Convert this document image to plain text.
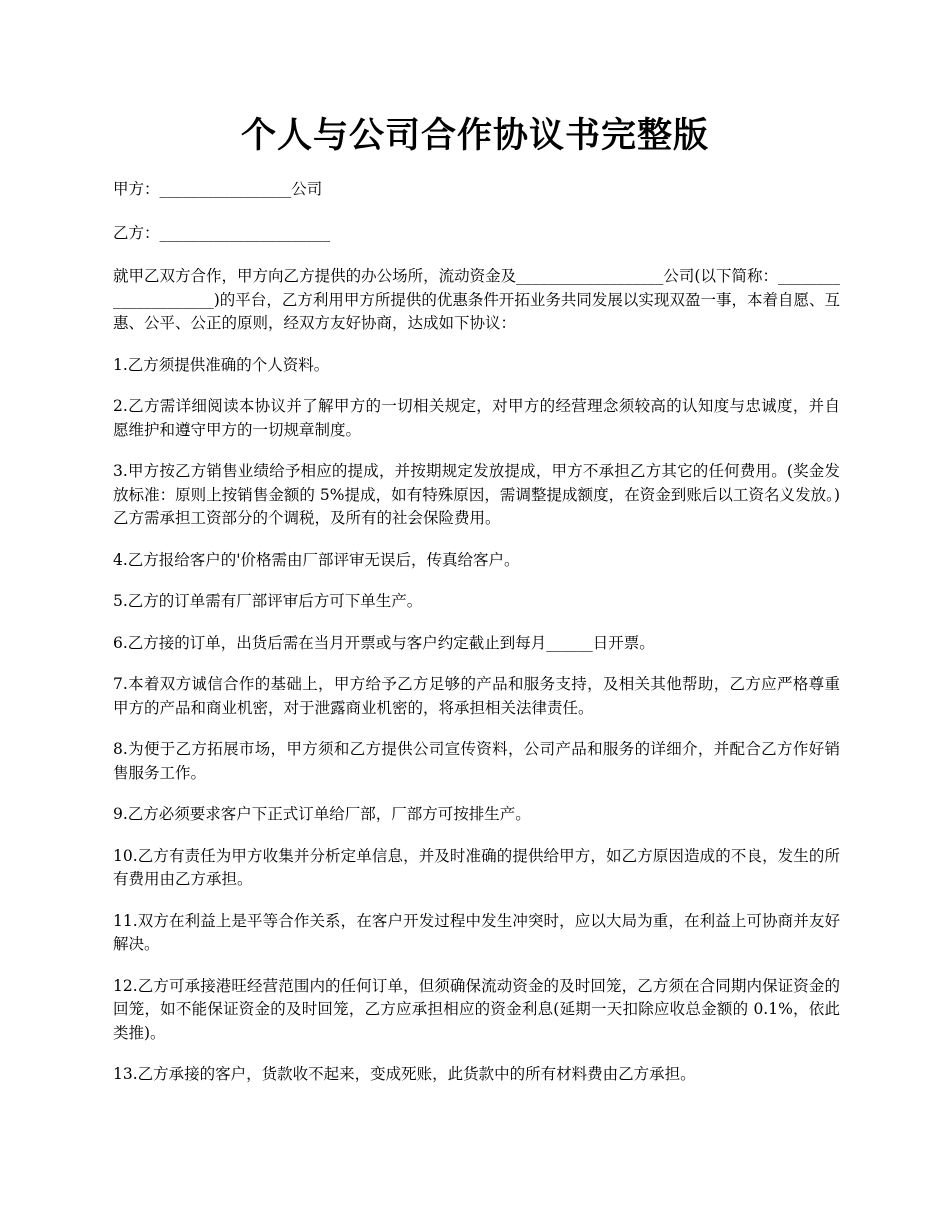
个人与公司合作协议书完整版

甲方：_________________公司

乙方：______________________

就甲乙双方合作，甲方向乙方提供的办公场所，流动资金及___________________公司(以下简称：_____________________)的平台，乙方利用甲方所提供的优惠条件开拓业务共同发展以实现双盈一事，本着自愿、互惠、公平、公正的原则，经双方友好协商，达成如下协议：

1.乙方须提供准确的个人资料。

2.乙方需详细阅读本协议并了解甲方的一切相关规定，对甲方的经营理念须较高的认知度与忠诚度，并自愿维护和遵守甲方的一切规章制度。

3.甲方按乙方销售业绩给予相应的提成，并按期规定发放提成，甲方不承担乙方其它的任何费用。(奖金发放标准：原则上按销售金额的 5%提成，如有特殊原因，需调整提成额度，在资金到账后以工资名义发放。)乙方需承担工资部分的个调税，及所有的社会保险费用。

4.乙方报给客户的'价格需由厂部评审无误后，传真给客户。

5.乙方的订单需有厂部评审后方可下单生产。

6.乙方接的订单，出货后需在当月开票或与客户约定截止到每月______日开票。

7.本着双方诚信合作的基础上，甲方给予乙方足够的产品和服务支持，及相关其他帮助，乙方应严格尊重甲方的产品和商业机密，对于泄露商业机密的，将承担相关法律责任。

8.为便于乙方拓展市场，甲方须和乙方提供公司宣传资料，公司产品和服务的详细介，并配合乙方作好销售服务工作。

9.乙方必须要求客户下正式订单给厂部，厂部方可按排生产。

10.乙方有责任为甲方收集并分析定单信息，并及时准确的提供给甲方，如乙方原因造成的不良，发生的所有费用由乙方承担。

11.双方在利益上是平等合作关系，在客户开发过程中发生冲突时，应以大局为重，在利益上可协商并友好解决。

12.乙方可承接港旺经营范围内的任何订单，但须确保流动资金的及时回笼，乙方须在合同期内保证资金的回笼，如不能保证资金的及时回笼，乙方应承担相应的资金利息(延期一天扣除应收总金额的 0.1%，依此类推)。

13.乙方承接的客户，货款收不起来，变成死账，此货款中的所有材料费由乙方承担。
